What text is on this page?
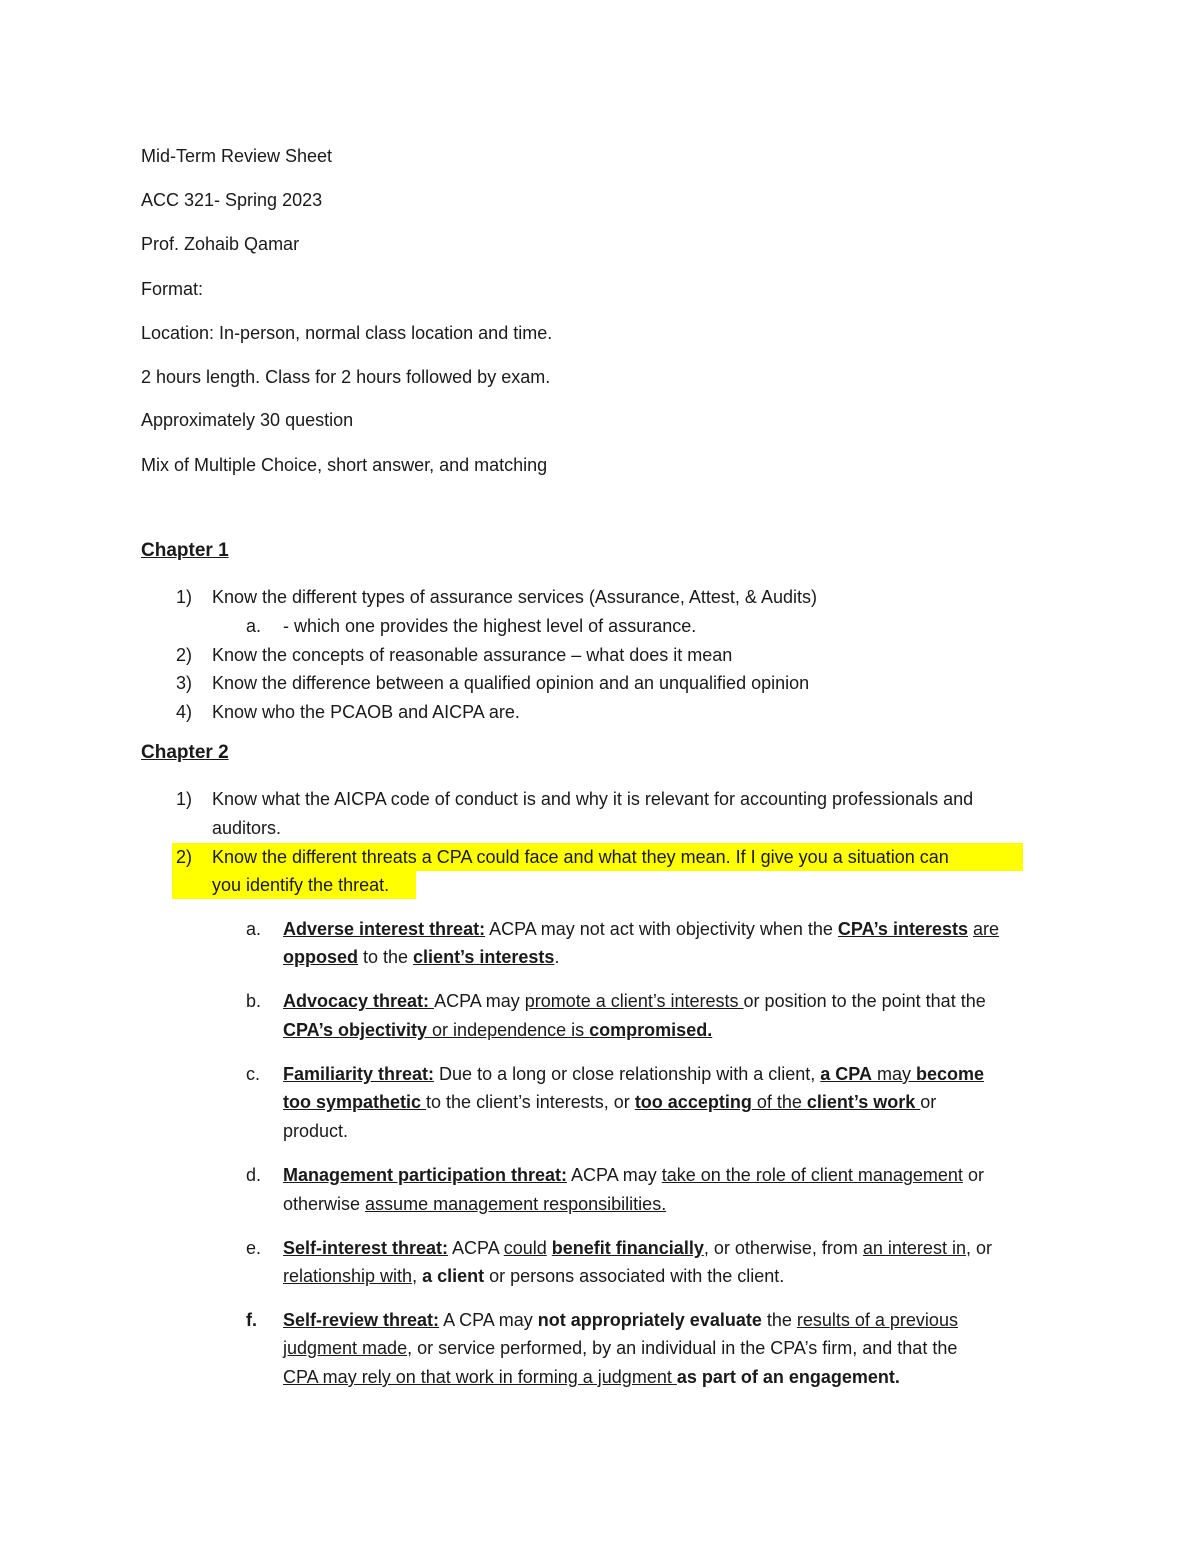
Mid-Term Review Sheet
ACC 321- Spring 2023
Prof. Zohaib Qamar
Format:
Location: In-person, normal class location and time.
2 hours length. Class for 2 hours followed by exam.
Approximately 30 question
Mix of Multiple Choice, short answer, and matching
Chapter 1
1) Know the different types of assurance services (Assurance, Attest, & Audits)
a. - which one provides the highest level of assurance.
2) Know the concepts of reasonable assurance – what does it mean
3) Know the difference between a qualified opinion and an unqualified opinion
4) Know who the PCAOB and AICPA are.
Chapter 2
1) Know what the AICPA code of conduct is and why it is relevant for accounting professionals and
auditors.
2) Know the different threats a CPA could face and what they mean. If I give you a situation can
you identify the threat.
a. Adverse interest threat: ACPA may not act with objectivity when the CPA’s interests are
opposed to the client’s interests.
b. Advocacy threat: ACPA may promote a client’s interests or position to the point that the
CPA’s objectivity or independence is compromised.
c. Familiarity threat: Due to a long or close relationship with a client, a CPA may become
too sympathetic to the client’s interests, or too accepting of the client’s work or
product.
d. Management participation threat: ACPA may take on the role of client management or
otherwise assume management responsibilities.
e. Self-interest threat: ACPA could benefit financially, or otherwise, from an interest in, or
relationship with, a client or persons associated with the client.
f. Self-review threat: A CPA may not appropriately evaluate the results of a previous
judgment made, or service performed, by an individual in the CPA’s firm, and that the
CPA may rely on that work in forming a judgment as part of an engagement.
